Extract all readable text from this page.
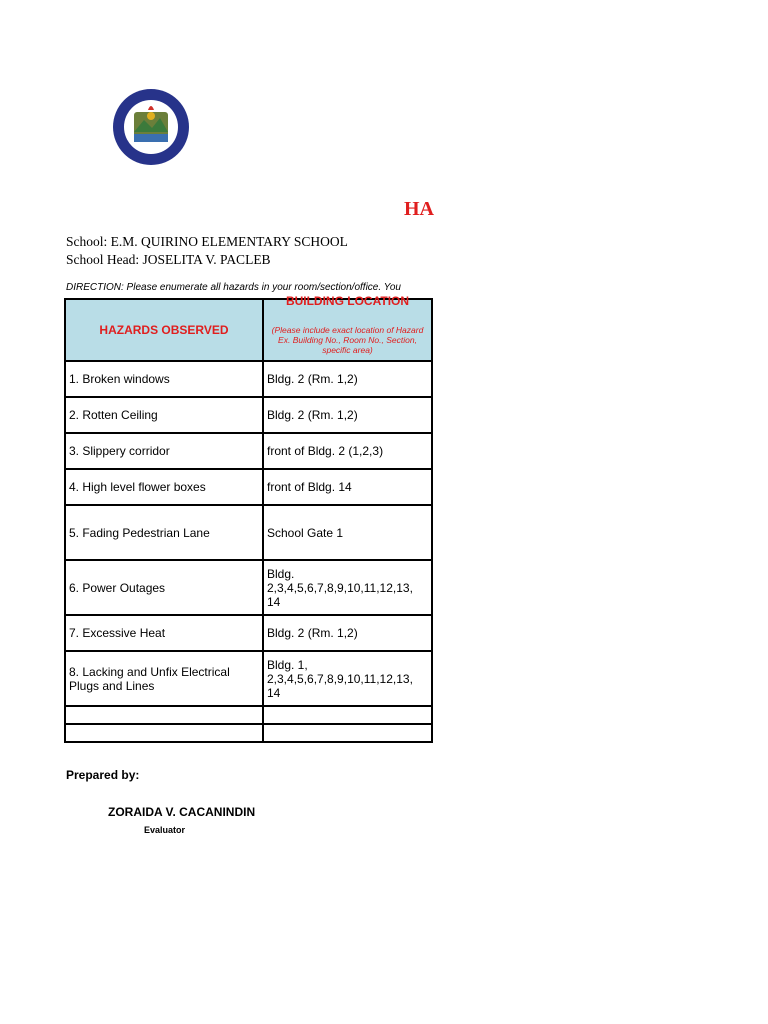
HA
School: E.M. QUIRINO ELEMENTARY SCHOOL
School Head: JOSELITA V. PACLEB
DIRECTION: Please enumerate all hazards in your room/section/office. You
HAZARDS OBSERVED	BUILDING LOCATION
(Please include exact location of Hazard Ex. Building No., Room No., Section, specific area)

1. Broken windows	Bldg. 2 (Rm. 1,2)
2. Rotten Ceiling	Bldg. 2 (Rm. 1,2)
3. Slippery corridor	front of Bldg. 2 (1,2,3)
4. High level flower boxes	front of Bldg. 14
5. Fading Pedestrian Lane	School Gate 1
6. Power Outages	Bldg. 2,3,4,5,6,7,8,9,10,11,12,13, 14
7. Excessive Heat	Bldg. 2 (Rm. 1,2)
8. Lacking and Unfix Electrical Plugs and Lines	Bldg. 1, 2,3,4,5,6,7,8,9,10,11,12,13, 14

Prepared by:
ZORAIDA V. CACANINDIN
Evaluator
